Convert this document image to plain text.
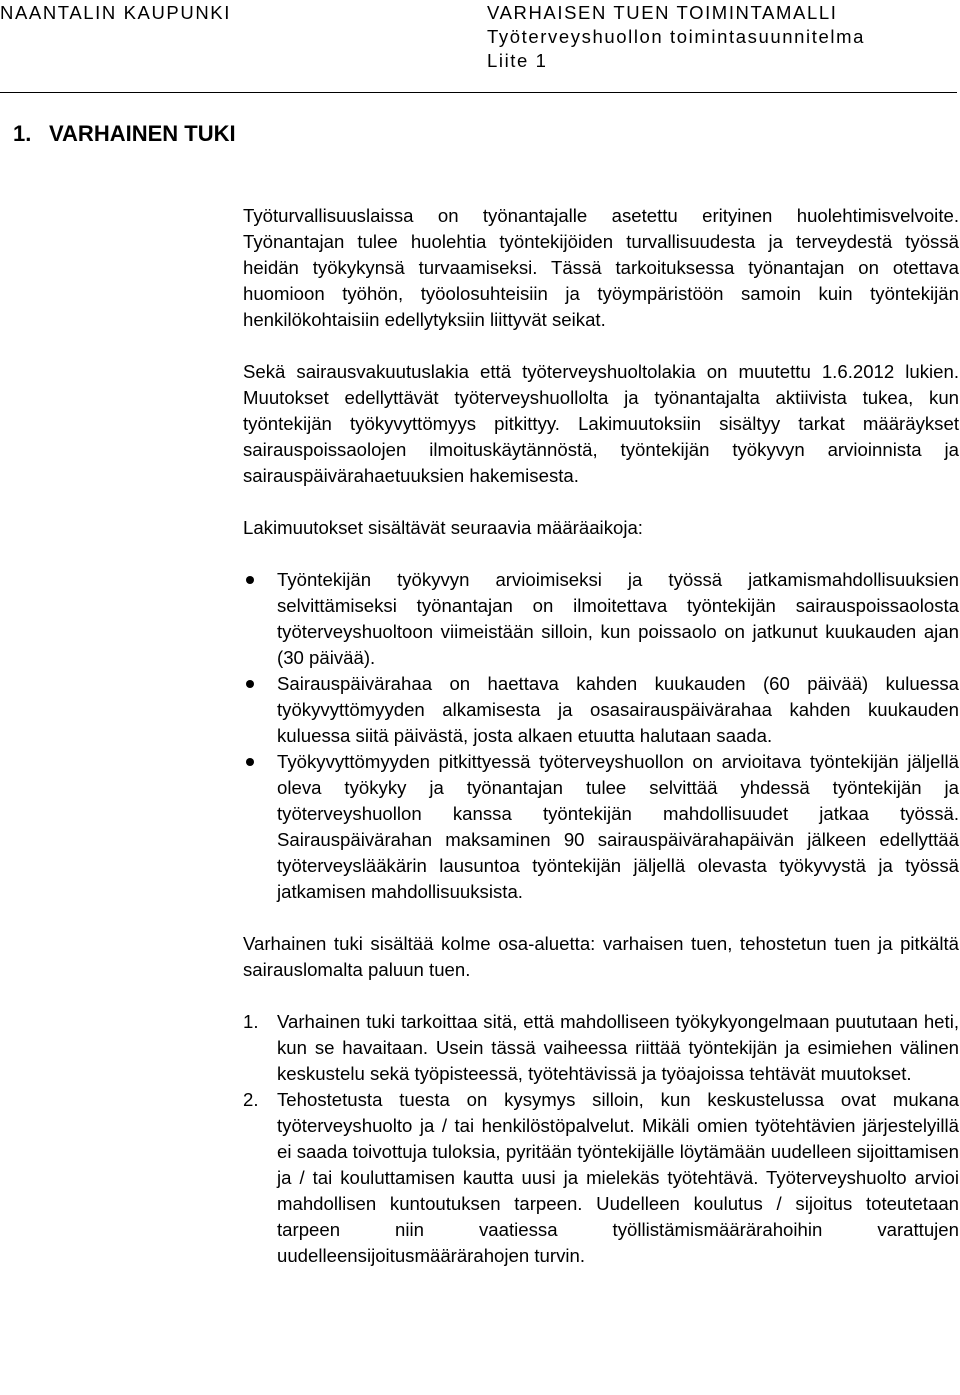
NAANTALIN KAUPUNKI	VARHAISEN TUEN TOIMINTAMALLI
Työterveyshuollon toimintasuunnitelma
Liite 1
1. VARHAINEN TUKI

Työturvallisuuslaissa on työnantajalle asetettu erityinen huolehtimisvelvoite. Työnantajan tulee huolehtia työntekijöiden turvallisuudesta ja terveydestä työssä heidän työkykynsä turvaamiseksi. Tässä tarkoituksessa työnantajan on otettava huomioon työhön, työolosuhteisiin ja työympäristöön samoin kuin työntekijän henkilökohtaisiin edellytyksiin liittyvät seikat.

Sekä sairausvakuutuslakia että työterveyshuoltolakia on muutettu 1.6.2012 lukien. Muutokset edellyttävät työterveyshuollolta ja työnantajalta aktiivista tukea, kun työntekijän työkyvyttömyys pitkittyy. Lakimuutoksiin sisältyy tarkat määräykset sairauspoissaolojen ilmoituskäytännöstä, työntekijän työkyvyn arvioinnista ja sairauspäivärahaetuuksien hakemisesta.

Lakimuutokset sisältävät seuraavia määräaikoja:

Työntekijän työkyvyn arvioimiseksi ja työssä jatkamismahdollisuuksien selvittämiseksi työnantajan on ilmoitettava työntekijän sairauspoissaolosta työterveyshuoltoon viimeistään silloin, kun poissaolo on jatkunut kuukauden ajan (30 päivää).
Sairauspäivärahaa on haettava kahden kuukauden (60 päivää) kuluessa työkyvyttömyyden alkamisesta ja osasairauspäivärahaa kahden kuukauden kuluessa siitä päivästä, josta alkaen etuutta halutaan saada.
Työkyvyttömyyden pitkittyessä työterveyshuollon on arvioitava työntekijän jäljellä oleva työkyky ja työnantajan tulee selvittää yhdessä työntekijän ja työterveyshuollon kanssa työntekijän mahdollisuudet jatkaa työssä. Sairauspäivärahan maksaminen 90 sairauspäivärahapäivän jälkeen edellyttää työterveyslääkärin lausuntoa työntekijän jäljellä olevasta työkyvystä ja työssä jatkamisen mahdollisuuksista.

Varhainen tuki sisältää kolme osa-aluetta: varhaisen tuen, tehostetun tuen ja pitkältä sairauslomalta paluun tuen.

1. Varhainen tuki tarkoittaa sitä, että mahdolliseen työkykyongelmaan puututaan heti, kun se havaitaan. Usein tässä vaiheessa riittää työntekijän ja esimiehen välinen keskustelu sekä työpisteessä, työtehtävissä ja työajoissa tehtävät muutokset.
2. Tehostetusta tuesta on kysymys silloin, kun keskustelussa ovat mukana työterveyshuolto ja / tai henkilöstöpalvelut. Mikäli omien työtehtävien järjestelyillä ei saada toivottuja tuloksia, pyritään työntekijälle löytämään uudelleen sijoittamisen ja / tai kouluttamisen kautta uusi ja mielekäs työtehtävä. Työterveyshuolto arvioi mahdollisen kuntoutuksen tarpeen. Uudelleen koulutus / sijoitus toteutetaan tarpeen niin vaatiessa työllistämismäärärahoihin varattujen uudelleensijoitusmäärärahojen turvin.
